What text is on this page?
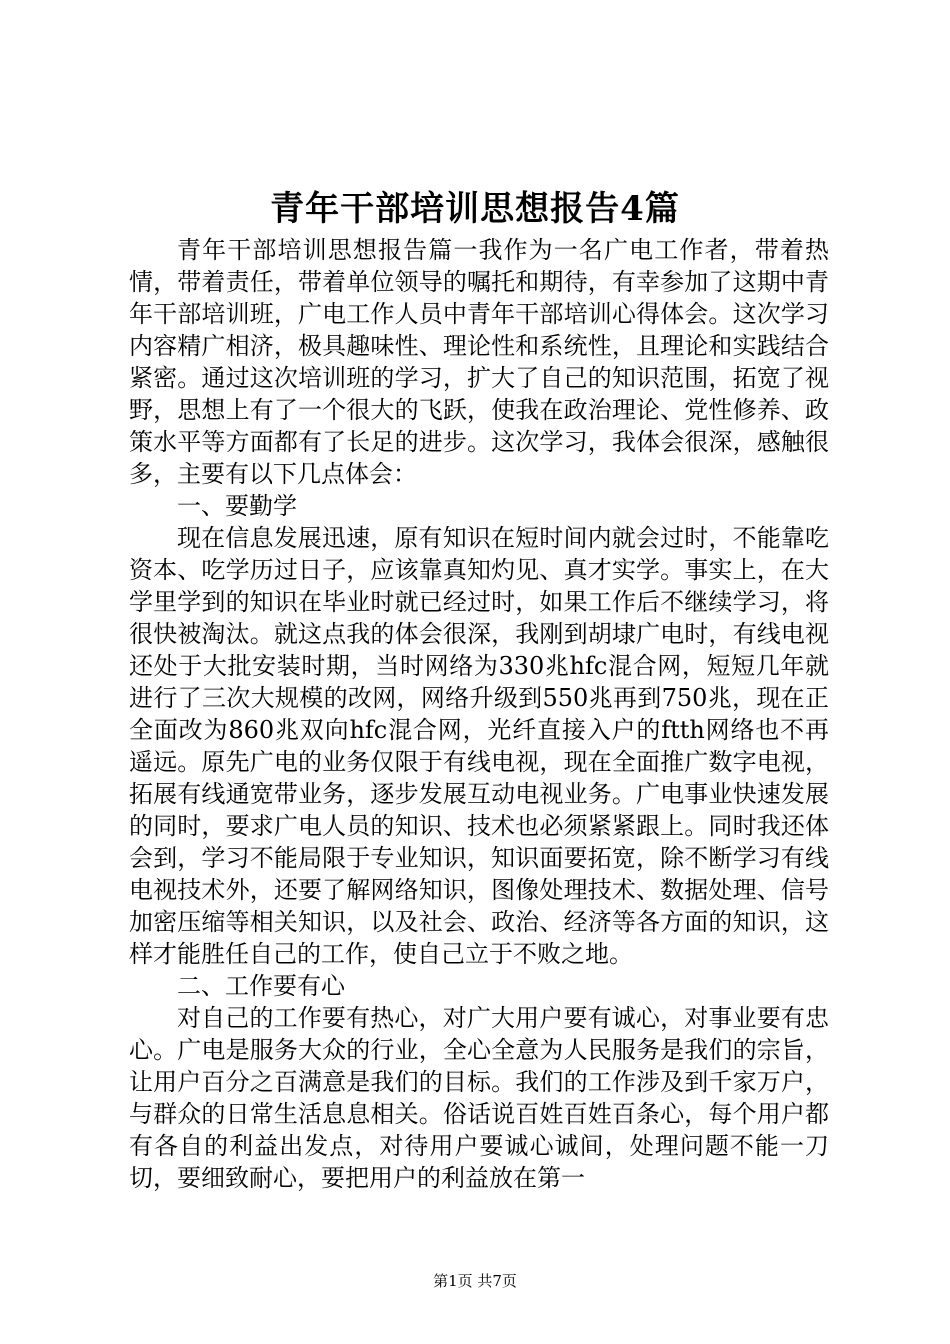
青年干部培训思想报告4篇

青年干部培训思想报告篇一我作为一名广电工作者，带着热情，带着责任，带着单位领导的嘱托和期待，有幸参加了这期中青年干部培训班，广电工作人员中青年干部培训心得体会。这次学习内容精广相济，极具趣味性、理论性和系统性，且理论和实践结合紧密。通过这次培训班的学习，扩大了自己的知识范围，拓宽了视野，思想上有了一个很大的飞跃，使我在政治理论、党性修养、政策水平等方面都有了长足的进步。这次学习，我体会很深，感触很多，主要有以下几点体会：

一、要勤学

现在信息发展迅速，原有知识在短时间内就会过时，不能靠吃资本、吃学历过日子，应该靠真知灼见、真才实学。事实上，在大学里学到的知识在毕业时就已经过时，如果工作后不继续学习，将很快被淘汰。就这点我的体会很深，我刚到胡埭广电时，有线电视还处于大批安装时期，当时网络为330兆hfc混合网，短短几年就进行了三次大规模的改网，网络升级到550兆再到750兆，现在正全面改为860兆双向hfc混合网，光纤直接入户的ftth网络也不再遥远。原先广电的业务仅限于有线电视，现在全面推广数字电视，拓展有线通宽带业务，逐步发展互动电视业务。广电事业快速发展的同时，要求广电人员的知识、技术也必须紧紧跟上。同时我还体会到，学习不能局限于专业知识，知识面要拓宽，除不断学习有线电视技术外，还要了解网络知识，图像处理技术、数据处理、信号加密压缩等相关知识，以及社会、政治、经济等各方面的知识，这样才能胜任自己的工作，使自己立于不败之地。

二、工作要有心

对自己的工作要有热心，对广大用户要有诚心，对事业要有忠心。广电是服务大众的行业，全心全意为人民服务是我们的宗旨，让用户百分之百满意是我们的目标。我们的工作涉及到千家万户，与群众的日常生活息息相关。俗话说百姓百姓百条心，每个用户都有各自的利益出发点，对待用户要诚心诚间，处理问题不能一刀切，要细致耐心，要把用户的利益放在第一

第1页 共7页
